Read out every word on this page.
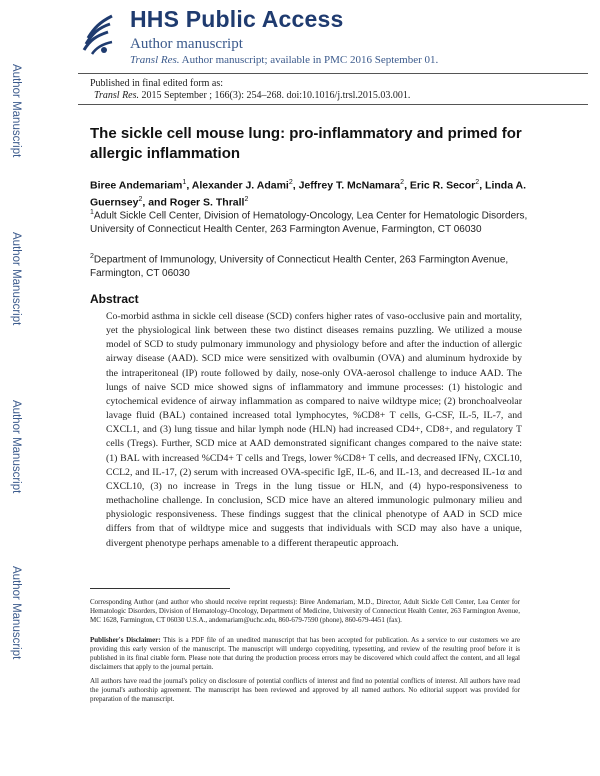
Author Manuscript
Author Manuscript
Author Manuscript
Author Manuscript
HHS Public Access
Author manuscript
Transl Res. Author manuscript; available in PMC 2016 September 01.
Published in final edited form as:
Transl Res. 2015 September ; 166(3): 254–268. doi:10.1016/j.trsl.2015.03.001.
The sickle cell mouse lung: pro-inflammatory and primed for allergic inflammation
Biree Andemariam$^1$, Alexander J. Adami$^2$, Jeffrey T. McNamara$^2$, Eric R. Secor$^2$, Linda A. Guernsey$^2$, and Roger S. Thrall$^2$
$^1$Adult Sickle Cell Center, Division of Hematology-Oncology, Lea Center for Hematologic Disorders, University of Connecticut Health Center, 263 Farmington Avenue, Farmington, CT 06030
$^2$Department of Immunology, University of Connecticut Health Center, 263 Farmington Avenue, Farmington, CT 06030
Abstract
Co-morbid asthma in sickle cell disease (SCD) confers higher rates of vaso-occlusive pain and mortality, yet the physiological link between these two distinct diseases remains puzzling. We utilized a mouse model of SCD to study pulmonary immunology and physiology before and after the induction of allergic airway disease (AAD). SCD mice were sensitized with ovalbumin (OVA) and aluminum hydroxide by the intraperitoneal (IP) route followed by daily, nose-only OVA-aerosol challenge to induce AAD. The lungs of naive SCD mice showed signs of inflammatory and immune processes: (1) histologic and cytochemical evidence of airway inflammation as compared to naive wildtype mice; (2) bronchoalveolar lavage fluid (BAL) contained increased total lymphocytes, %CD8+ T cells, G-CSF, IL-5, IL-7, and CXCL1, and (3) lung tissue and hilar lymph node (HLN) had increased CD4+, CD8+, and regulatory T cells (Tregs). Further, SCD mice at AAD demonstrated significant changes compared to the naive state: (1) BAL with increased %CD4+ T cells and Tregs, lower %CD8+ T cells, and decreased IFNγ, CXCL10, CCL2, and IL-17, (2) serum with increased OVA-specific IgE, IL-6, and IL-13, and decreased IL-1α and CXCL10, (3) no increase in Tregs in the lung tissue or HLN, and (4) hypo-responsiveness to methacholine challenge. In conclusion, SCD mice have an altered immunologic pulmonary milieu and physiologic responsiveness. These findings suggest that the clinical phenotype of AAD in SCD mice differs from that of wildtype mice and suggests that individuals with SCD may also have a unique, divergent phenotype perhaps amenable to a different therapeutic approach.
Corresponding Author (and author who should receive reprint requests): Biree Andemariam, M.D., Director, Adult Sickle Cell Center, Lea Center for Hematologic Disorders, Division of Hematology-Oncology, Department of Medicine, University of Connecticut Health Center, 263 Farmington Avenue, MC 1628, Farmington, CT 06030 U.S.A., andemariam@uchc.edu, 860-679-7590 (phone), 860-679-4451 (fax).
Publisher's Disclaimer: This is a PDF file of an unedited manuscript that has been accepted for publication. As a service to our customers we are providing this early version of the manuscript. The manuscript will undergo copyediting, typesetting, and review of the resulting proof before it is published in its final citable form. Please note that during the production process errors may be discovered which could affect the content, and all legal disclaimers that apply to the journal pertain.
All authors have read the journal's policy on disclosure of potential conflicts of interest and find no potential conflicts of interest. All authors have read the journal's authorship agreement. The manuscript has been reviewed and approved by all named authors. No editorial support was provided for preparation of the manuscript.
